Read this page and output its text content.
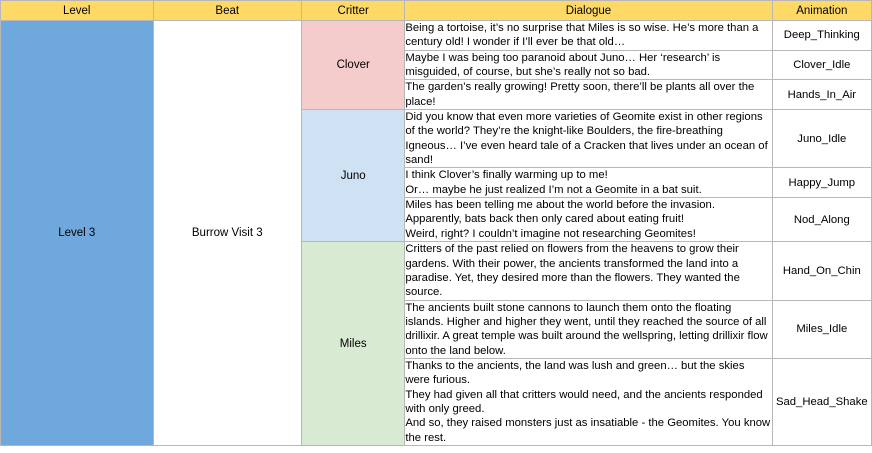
Level	Beat	Critter	Dialogue	Animation
Level 3	Burrow Visit 3	Clover	Being a tortoise, it’s no surprise that Miles is so wise. He’s more than a century old! I wonder if I’ll ever be that old…	Deep_Thinking

			Maybe I was being too paranoid about Juno… Her ‘research’ is misguided, of course, but she’s really not so bad.	Clover_Idle

			The garden’s really growing! Pretty soon, there’ll be plants all over the place!	Hands_In_Air
		Juno	Did you know that even more varieties of Geomite exist in other regions of the world? They’re the knight-like Boulders, the fire-breathing Igneous… I’ve even heard tale of a Cracken that lives under an ocean of sand!	Juno_Idle

			I think Clover’s finally warming up to me!
Or… maybe he just realized I’m not a Geomite in a bat suit.	Happy_Jump

			Miles has been telling me about the world before the invasion. Apparently, bats back then only cared about eating fruit!
Weird, right? I couldn’t imagine not researching Geomites!	Nod_Along
		Miles	Critters of the past relied on flowers from the heavens to grow their gardens. With their power, the ancients transformed the land into a paradise. Yet, they desired more than the flowers. They wanted the source.	Hand_On_Chin

			The ancients built stone cannons to launch them onto the floating islands. Higher and higher they went, until they reached the source of all drillixir. A great temple was built around the wellspring, letting drillixir flow onto the land below.	Miles_Idle

			Thanks to the ancients, the land was lush and green… but the skies were furious.
They had given all that critters would need, and the ancients responded with only greed.
And so, they raised monsters just as insatiable - the Geomites. You know the rest.	Sad_Head_Shake
